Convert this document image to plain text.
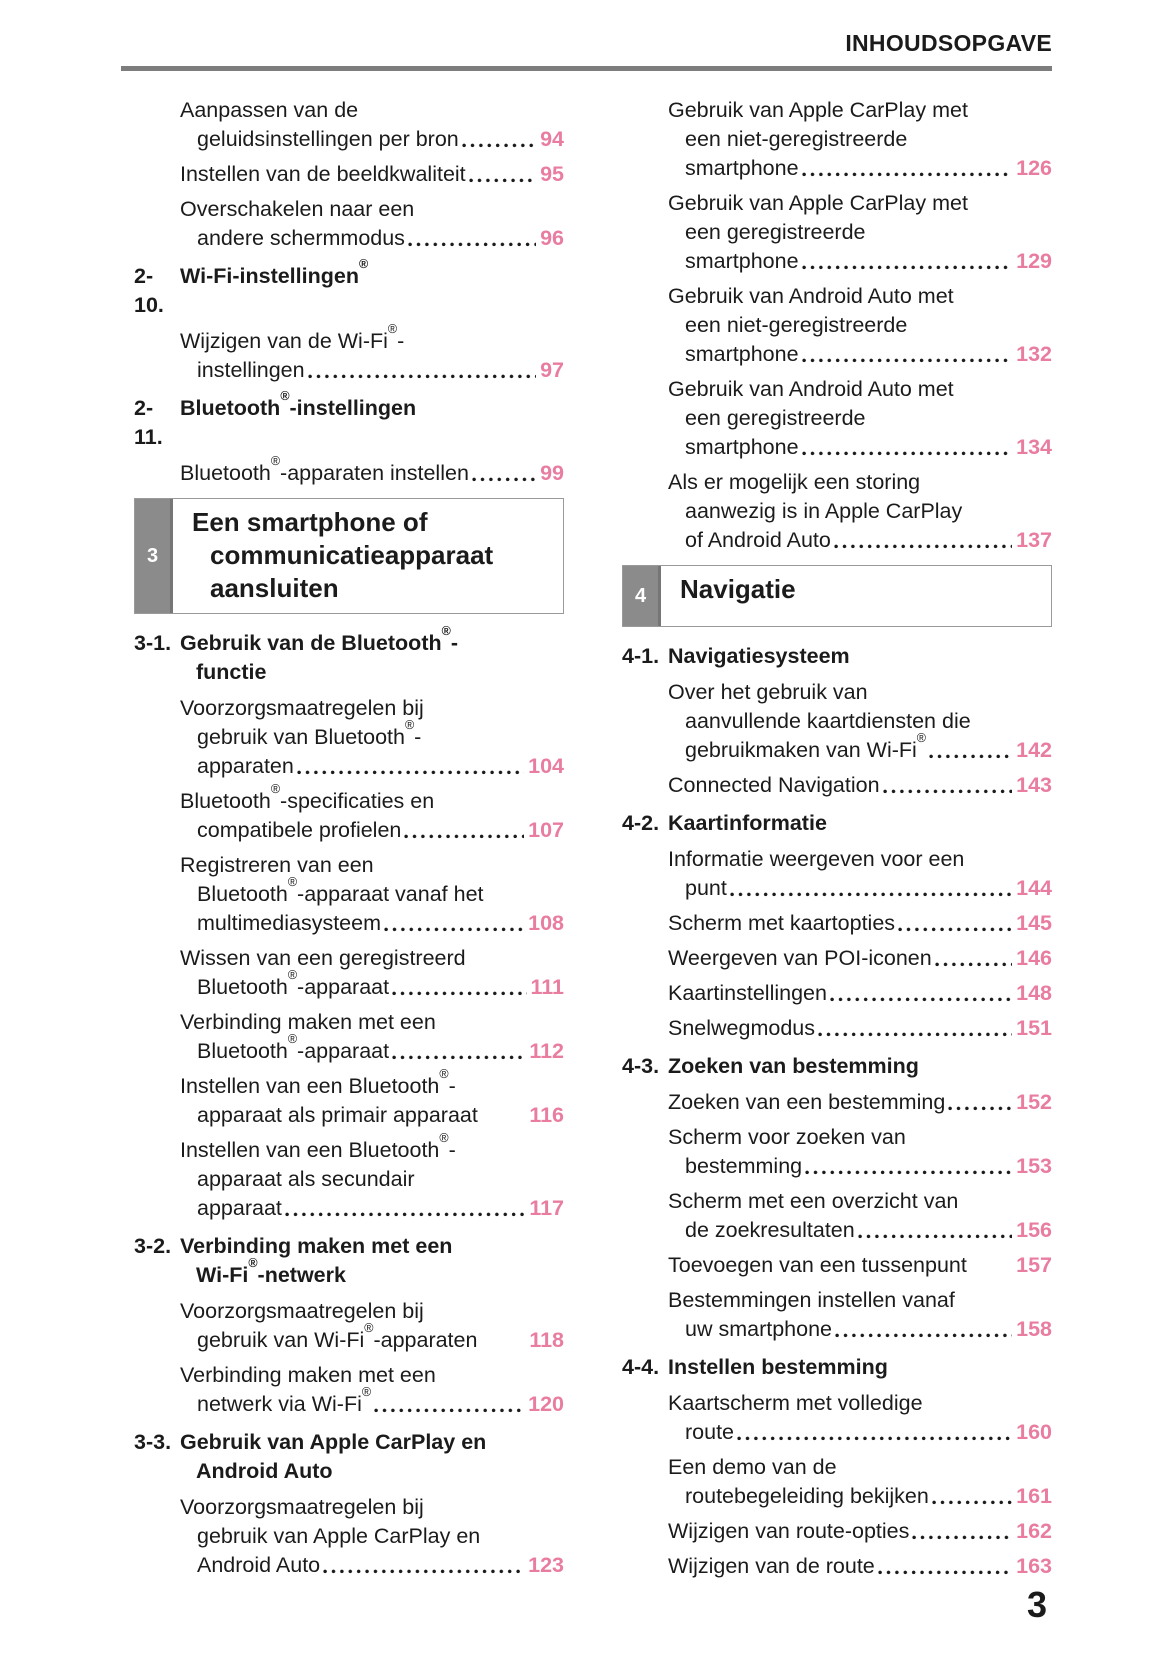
INHOUDSOPGAVE
Aanpassen van de
geluidsinstellingen per bron	94
Instellen van de beeldkwaliteit	95
Overschakelen naar een
andere schermmodus	96
2-10.
Wi-Fi-instellingen®
Wijzigen van de Wi-Fi®-
instellingen	97
2-11.
Bluetooth®-instellingen
Bluetooth®-apparaten instellen	99
3
Een smartphone of
communicatieapparaat
aansluiten
3-1. Gebruik van de Bluetooth®-
functie
Voorzorgsmaatregelen bij
gebruik van Bluetooth®-
apparaten	104
Bluetooth®-specificaties en
compatibele profielen	107
Registreren van een
Bluetooth®-apparaat vanaf het
multimediasysteem	108
Wissen van een geregistreerd
Bluetooth®-apparaat	111
Verbinding maken met een
Bluetooth®-apparaat	112
Instellen van een Bluetooth®-
apparaat als primair apparaat 116
Instellen van een Bluetooth®-
apparaat als secundair
apparaat	117
3-2. Verbinding maken met een
Wi-Fi®-netwerk
Voorzorgsmaatregelen bij
gebruik van Wi-Fi®-apparaten 118
Verbinding maken met een
netwerk via Wi-Fi®	120
3-3. Gebruik van Apple CarPlay en
Android Auto
Voorzorgsmaatregelen bij
gebruik van Apple CarPlay en
Android Auto	123
Gebruik van Apple CarPlay met
een niet-geregistreerde
smartphone	126
Gebruik van Apple CarPlay met
een geregistreerde
smartphone	129
Gebruik van Android Auto met
een niet-geregistreerde
smartphone	132
Gebruik van Android Auto met
een geregistreerde
smartphone	134
Als er mogelijk een storing
aanwezig is in Apple CarPlay
of Android Auto	137
4 Navigatie
4-1. Navigatiesysteem
Over het gebruik van
aanvullende kaartdiensten die
gebruikmaken van Wi-Fi®	142
Connected Navigation	143
4-2. Kaartinformatie
Informatie weergeven voor een
punt	144
Scherm met kaartopties	145
Weergeven van POI-iconen	146
Kaartinstellingen	148
Snelwegmodus	151
4-3. Zoeken van bestemming
Zoeken van een bestemming	152
Scherm voor zoeken van
bestemming	153
Scherm met een overzicht van
de zoekresultaten	156
Toevoegen van een tussenpunt 157
Bestemmingen instellen vanaf
uw smartphone	158
4-4. Instellen bestemming
Kaartscherm met volledige
route	160
Een demo van de
routebegeleiding bekijken	161
Wijzigen van route-opties	162
Wijzigen van de route	163
3
